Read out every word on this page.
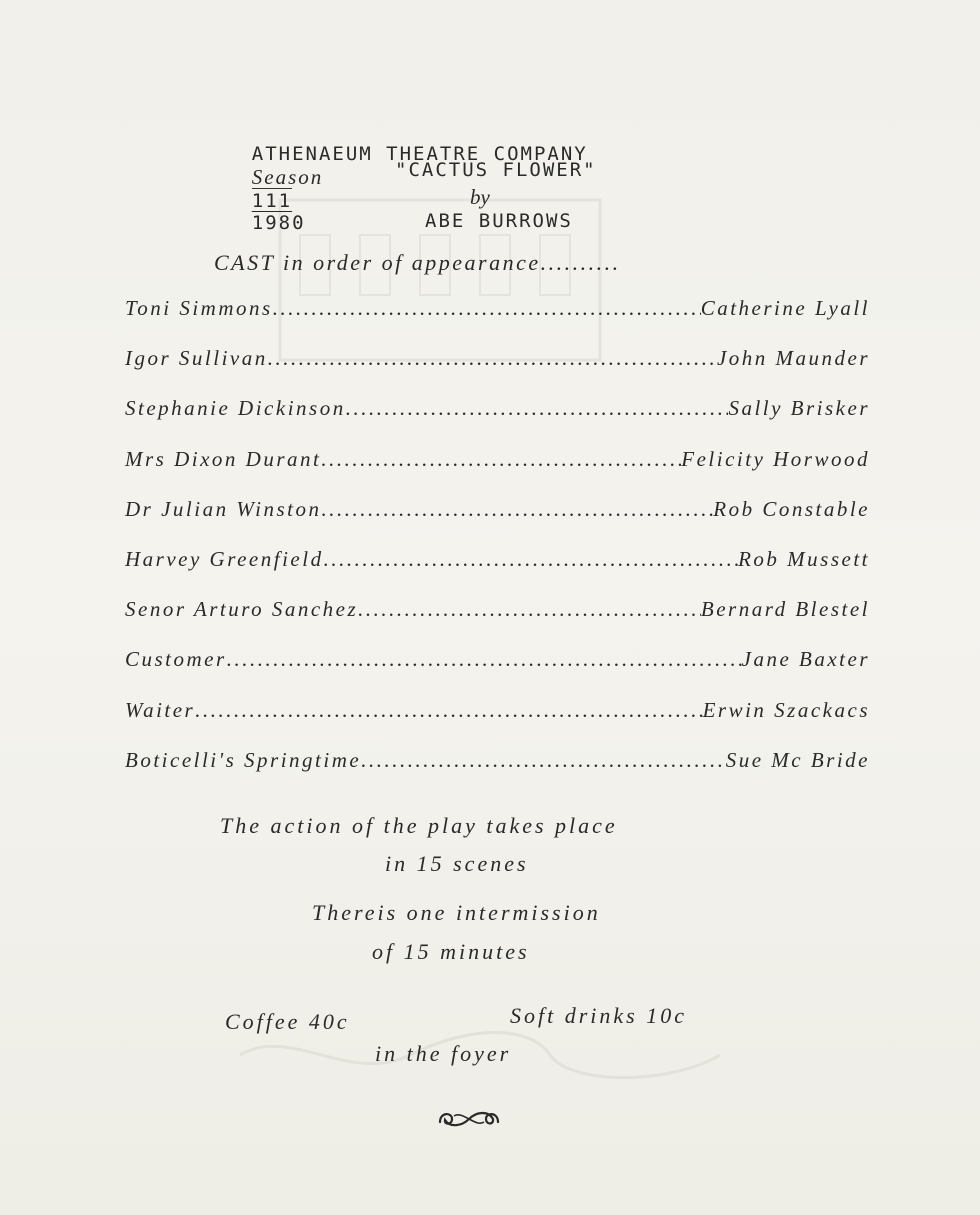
ATHENAEUM THEATRE COMPANY
Season
111
1980

"CACTUS FLOWER"
by
ABE BURROWS
CAST in order of appearance..........
Toni Simmons .....	Catherine Lyall
Igor Sullivan .....	John Maunder
Stephanie Dickinson .....	Sally Brisker
Mrs Dixon Durant .....	Felicity Horwood
Dr Julian Winston .....	Rob Constable
Harvey Greenfield .....	Rob Mussett
Senor Arturo Sanchez .....	Bernard Blestel
Customer .....	Jane Baxter
Waiter .....	Erwin Szackacs
Boticelli's Springtime .....	Sue Mc Bride
The action of the play takes place
in 15 scenes
Thereis one intermission
of 15 minutes
Coffee 40c	Soft drinks 10c
in the foyer
